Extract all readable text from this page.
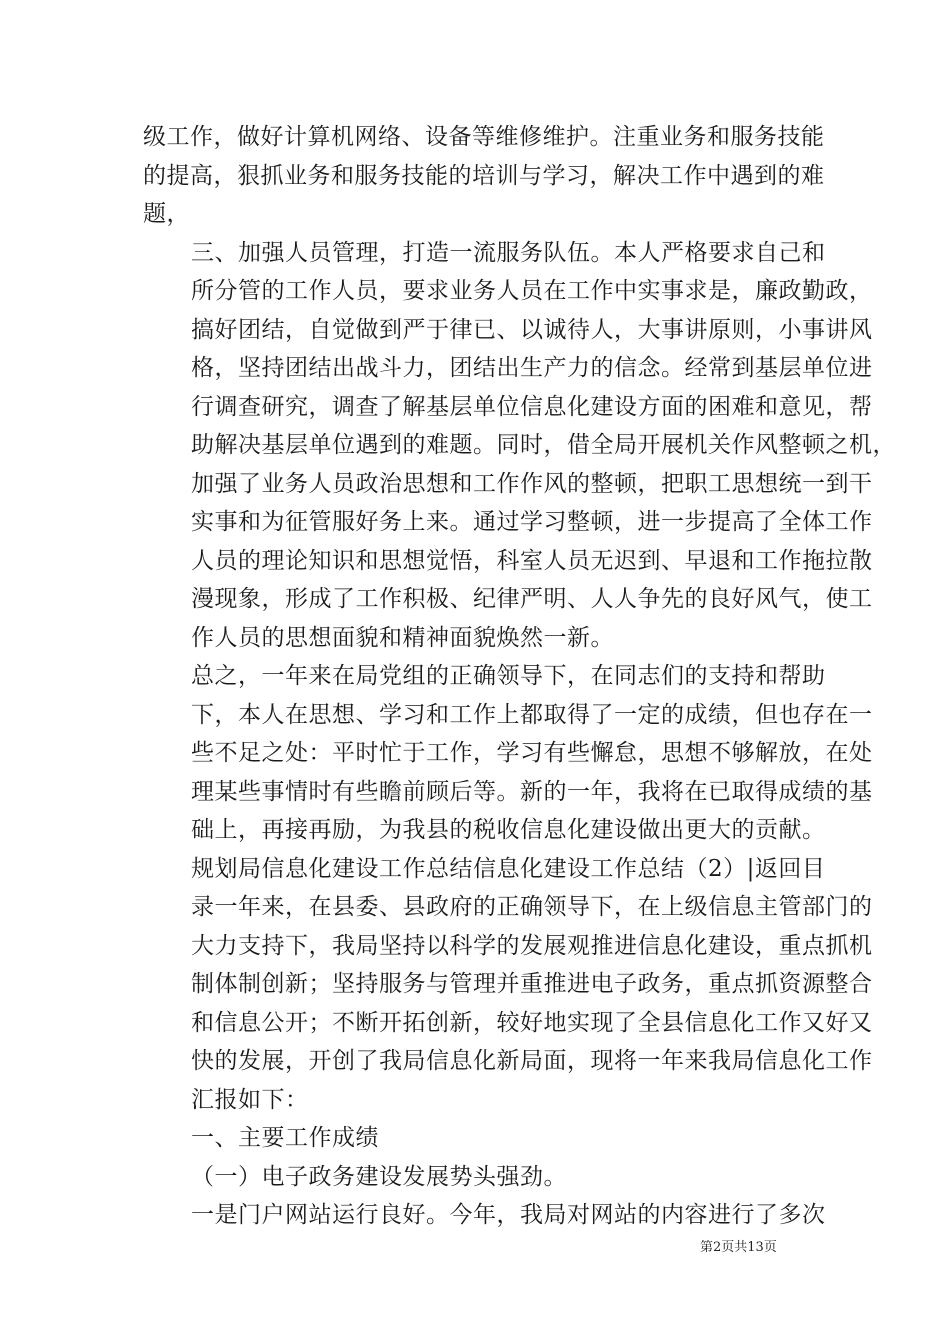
级工作，做好计算机网络、设备等维修维护。注重业务和服务技能
的提高，狠抓业务和服务技能的培训与学习，解决工作中遇到的难
题，

三、加强人员管理，打造一流服务队伍。本人严格要求自己和
所分管的工作人员，要求业务人员在工作中实事求是，廉政勤政，
搞好团结，自觉做到严于律已、以诚待人，大事讲原则，小事讲风
格，坚持团结出战斗力，团结出生产力的信念。经常到基层单位进
行调查研究，调查了解基层单位信息化建设方面的困难和意见，帮
助解决基层单位遇到的难题。同时，借全局开展机关作风整顿之机，
加强了业务人员政治思想和工作作风的整顿，把职工思想统一到干
实事和为征管服好务上来。通过学习整顿，进一步提高了全体工作
人员的理论知识和思想觉悟，科室人员无迟到、早退和工作拖拉散
漫现象，形成了工作积极、纪律严明、人人争先的良好风气，使工
作人员的思想面貌和精神面貌焕然一新。

总之，一年来在局党组的正确领导下，在同志们的支持和帮助
下，本人在思想、学习和工作上都取得了一定的成绩，但也存在一
些不足之处：平时忙于工作，学习有些懈怠，思想不够解放，在处
理某些事情时有些瞻前顾后等。新的一年，我将在已取得成绩的基
础上，再接再励，为我县的税收信息化建设做出更大的贡献。

规划局信息化建设工作总结信息化建设工作总结（2）|返回目
录一年来，在县委、县政府的正确领导下，在上级信息主管部门的
大力支持下，我局坚持以科学的发展观推进信息化建设，重点抓机
制体制创新；坚持服务与管理并重推进电子政务，重点抓资源整合
和信息公开；不断开拓创新，较好地实现了全县信息化工作又好又
快的发展，开创了我局信息化新局面，现将一年来我局信息化工作
汇报如下：

一、主要工作成绩

（一）电子政务建设发展势头强劲。

一是门户网站运行良好。今年，我局对网站的内容进行了多次

第2页共13页
